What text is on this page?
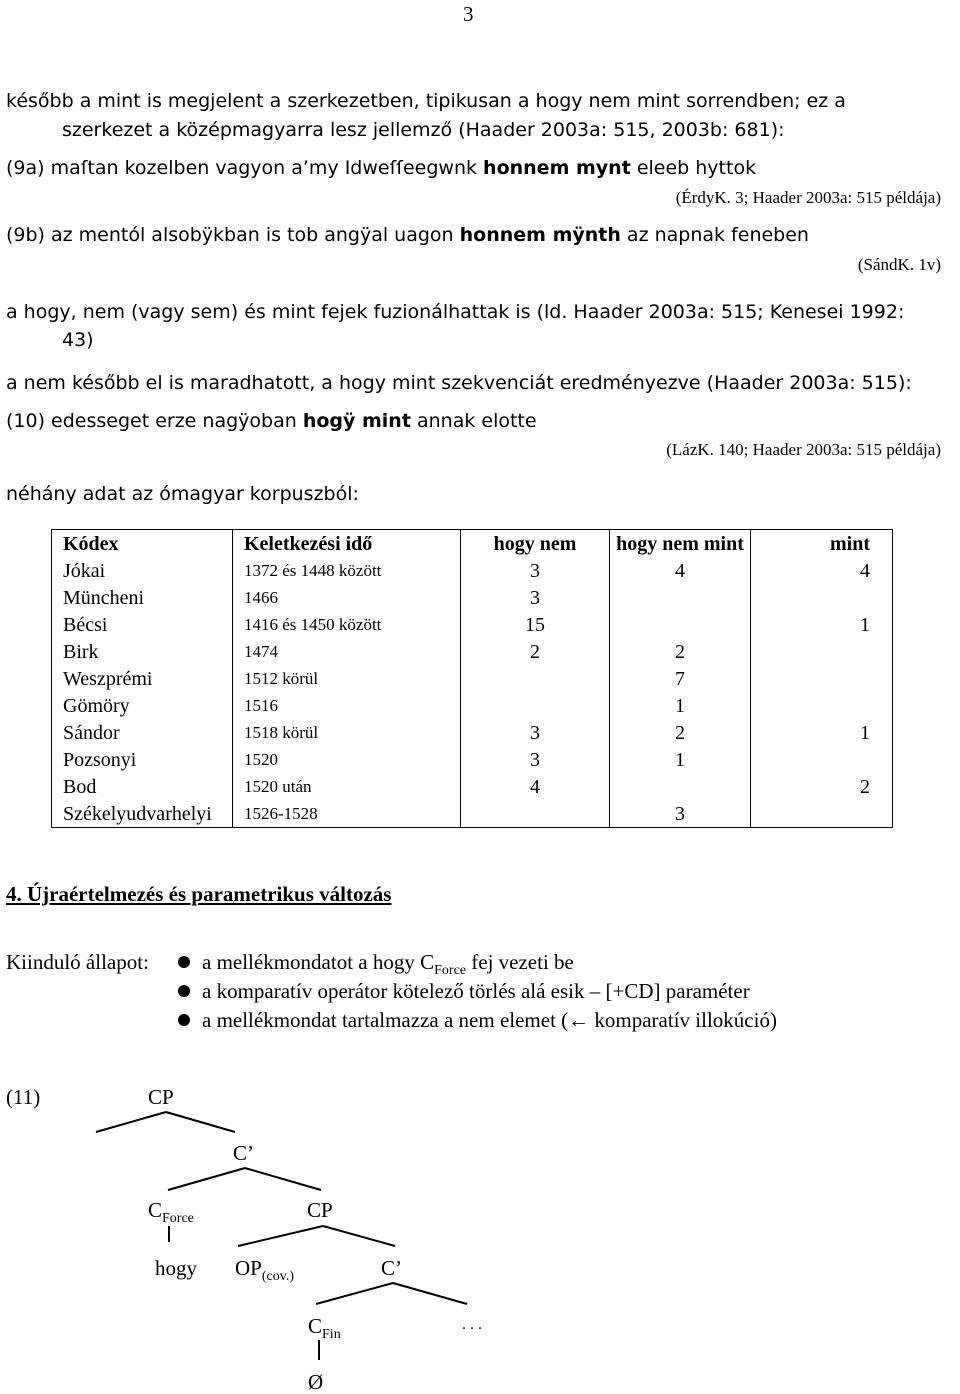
3
később a mint is megjelent a szerkezetben, tipikusan a hogy nem mint sorrendben; ez a
szerkezet a középmagyarra lesz jellemző (Haader 2003a: 515, 2003b: 681):
(9a) maſtan kozelben vagyon a’my Idweſſeegwnk honnem mynt eleeb hyttok
(ÉrdyK. 3; Haader 2003a: 515 példája)
(9b) az mentól alsobÿkban is tob angÿal uagon honnem mÿnth az napnak feneben
(SándK. 1v)
a hogy, nem (vagy sem) és mint fejek fuzionálhattak is (ld. Haader 2003a: 515; Kenesei 1992:
43)
a nem később el is maradhatott, a hogy mint szekvenciát eredményezve (Haader 2003a: 515):
(10) edesseget erze nagÿoban hogÿ mint annak elotte
(LázK. 140; Haader 2003a: 515 példája)
néhány adat az ómagyar korpuszból:
Kódex	Keletkezési idő	hogy nem	hogy nem mint	mint
Jókai	1372 és 1448 között	3	4	4
Müncheni	1466	3		
Bécsi	1416 és 1450 között	15		1
Birk	1474	2	2	
Weszprémi	1512 körül		7	
Gömöry	1516		1	
Sándor	1518 körül	3	2	1
Pozsonyi	1520	3	1	
Bod	1520 után	4		2
Székelyudvarhelyi	1526-1528		3	
4. Újraértelmezés és parametrikus változás
Kiinduló állapot:	a mellékmondatot a hogy $C_{Force}$ fej vezeti be
a komparatív operátor kötelező törlés alá esik – [+CD] paraméter
a mellékmondat tartalmazza a nem elemet (← komparatív illokúció)
(11)	CP
C’
$C_{Force}$	CP
hogy $OP_{(cov.)}$	C’
$C_{Fin}$
. . .
Ø
